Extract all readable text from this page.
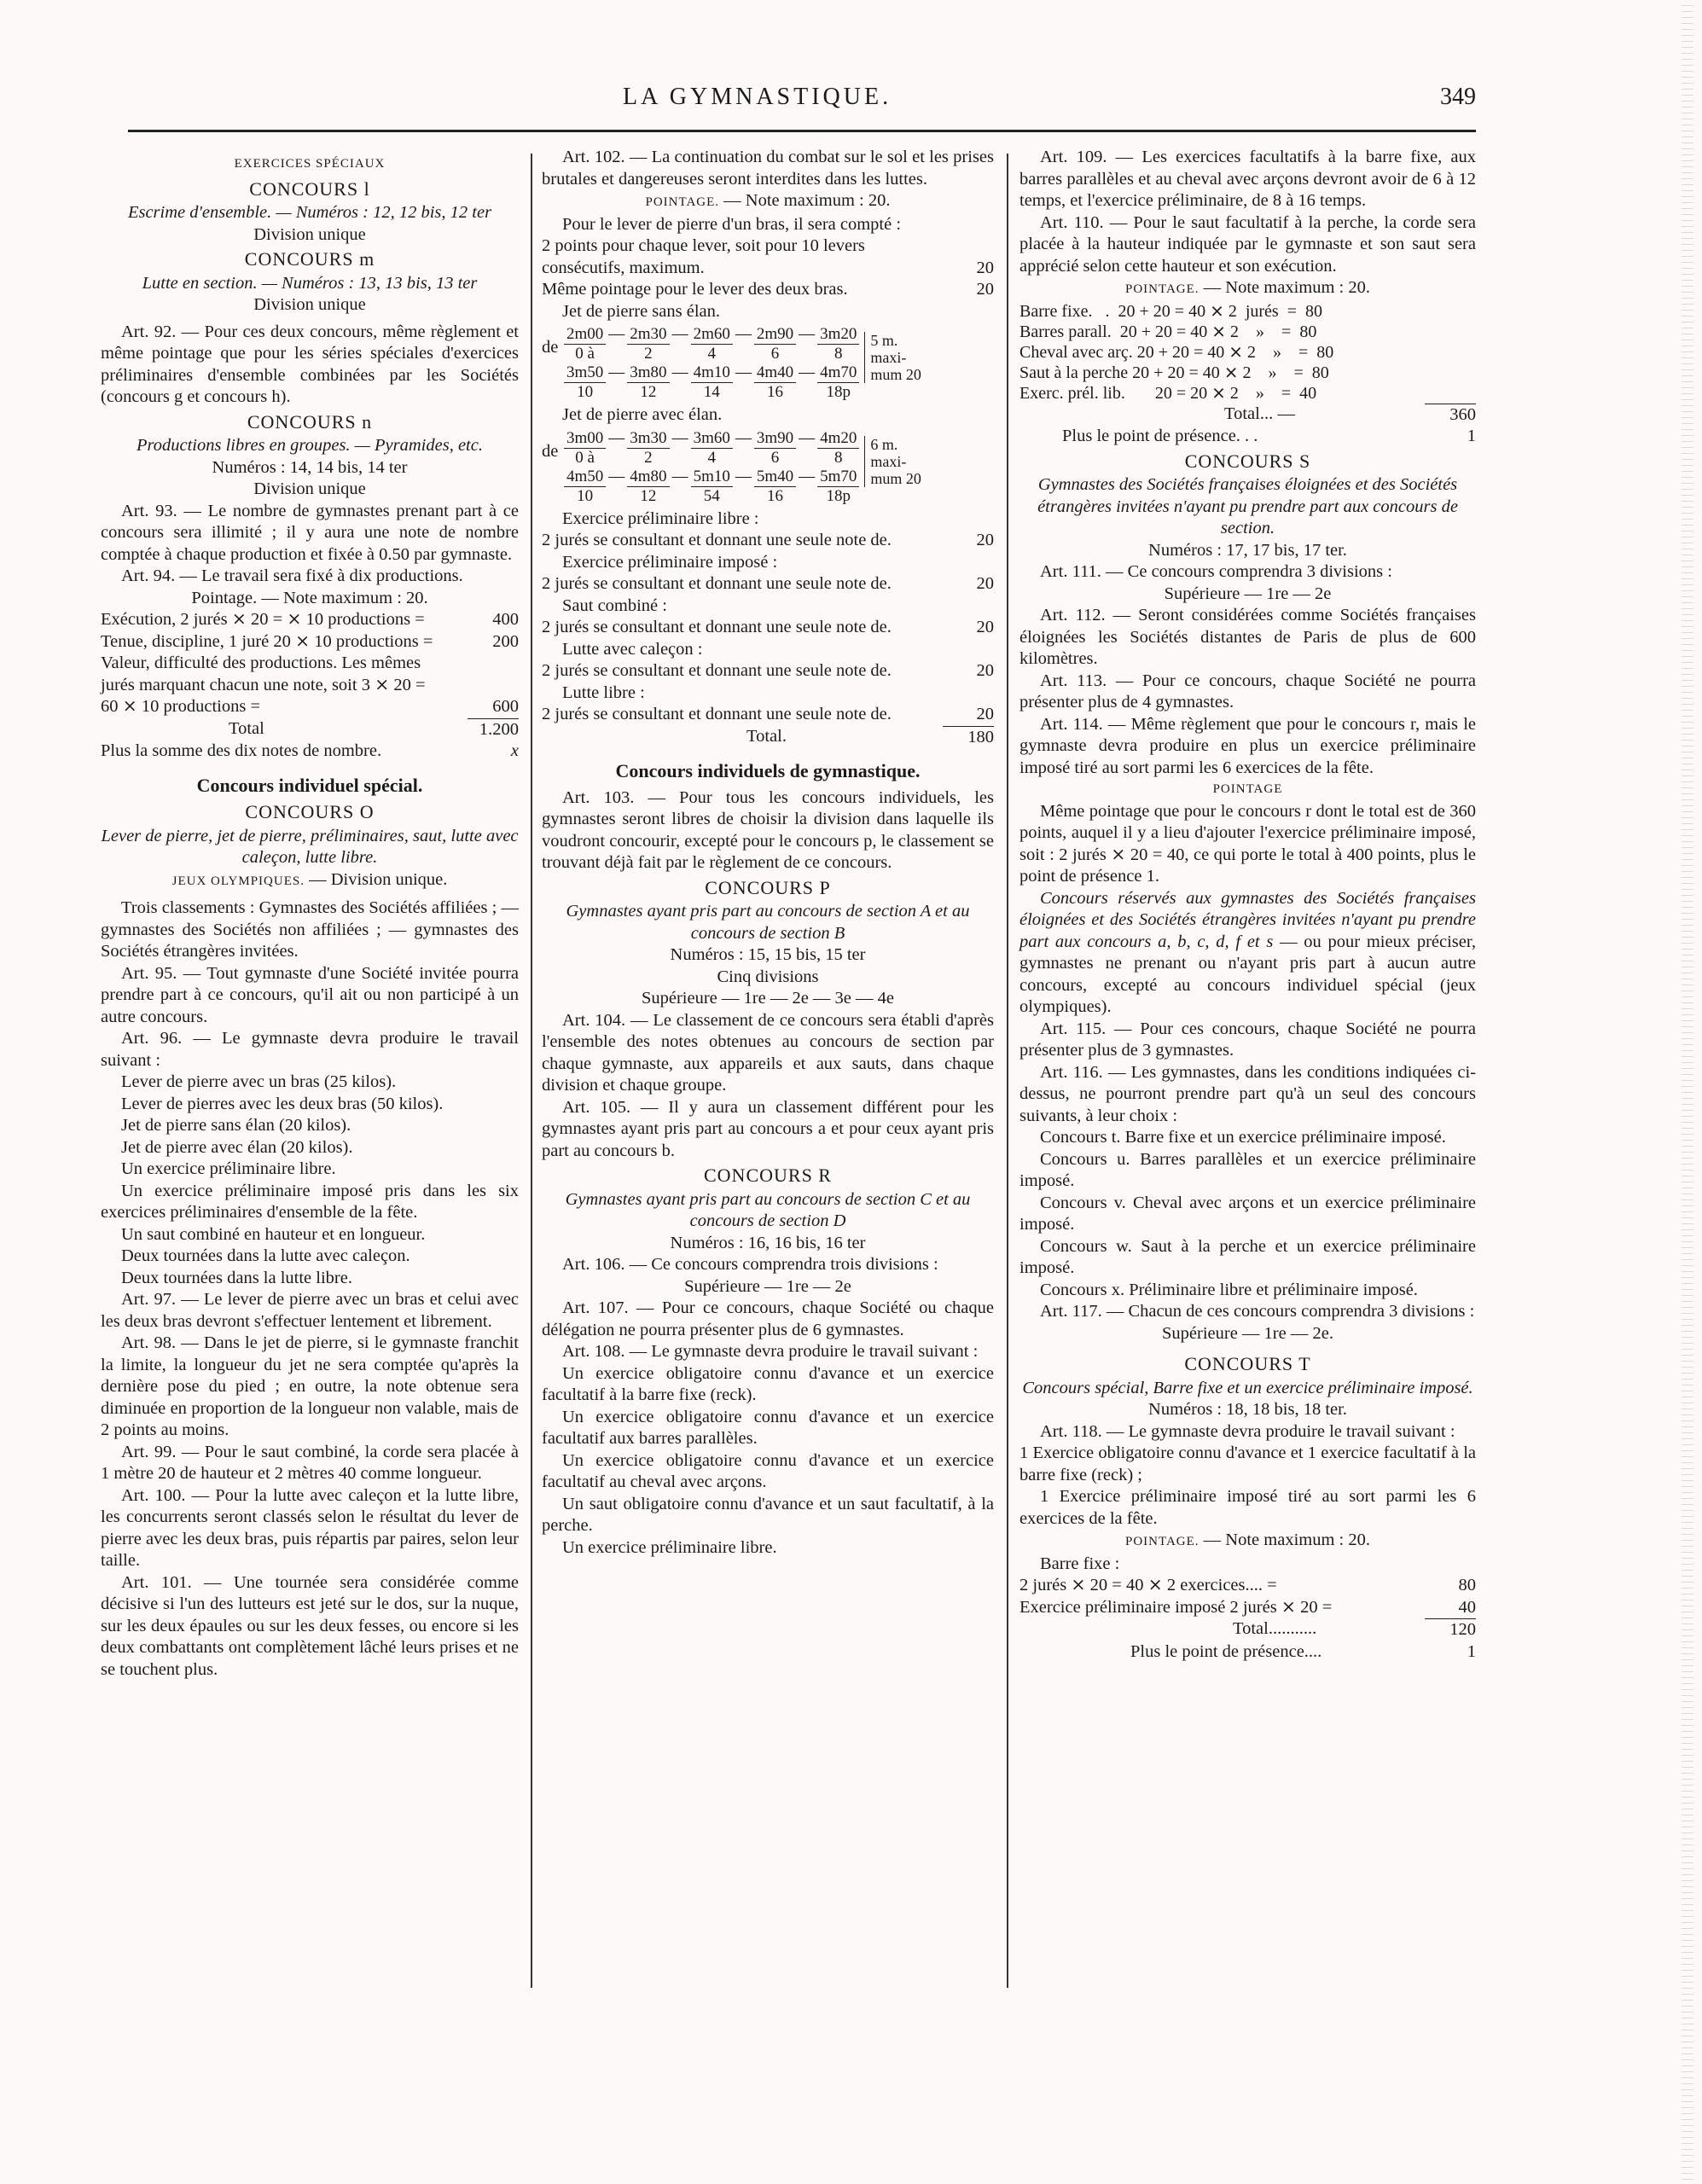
LA GYMNASTIQUE.	349
EXERCICES SPÉCIAUX
CONCOURS l
Escrime d'ensemble. — Numéros : 12, 12 bis, 12 ter
Division unique
CONCOURS m
Lutte en section. — Numéros : 13, 13 bis, 13 ter
Division unique

Art. 92. — Pour ces deux concours, même règlement et même pointage que pour les séries spéciales d'exercices préliminaires d'ensemble combinées par les Sociétés (concours g et concours h).

CONCOURS n
Productions libres en groupes. — Pyramides, etc.
Numéros : 14, 14 bis, 14 ter
Division unique

Art. 93. — Le nombre de gymnastes prenant part à ce concours sera illimité ; il y aura une note de nombre comptée à chaque production et fixée à 0.50 par gymnaste.

Art. 94. — Le travail sera fixé à dix productions.

Pointage. — Note maximum : 20.
Exécution, 2 jurés ⨯ 20 = ⨯ 10 productions =	400
Tenue, discipline, 1 juré 20 ⨯ 10 productions =	200
Valeur, difficulté des productions. Les mêmes jurés marquant chacun une note, soit 3 ⨯ 20 = 60 ⨯ 10 productions =	600
Total	1.200
Plus la somme des dix notes de nombre.	x
Concours individuel spécial.
CONCOURS O
Lever de pierre, jet de pierre, préliminaires, saut, lutte avec caleçon, lutte libre.
JEUX OLYMPIQUES. — Division unique.

Trois classements : Gymnastes des Sociétés affiliées ; — gymnastes des Sociétés non affiliées ; — gymnastes des Sociétés étrangères invitées.

Art. 95. — Tout gymnaste d'une Société invitée pourra prendre part à ce concours, qu'il ait ou non participé à un autre concours.

Art. 96. — Le gymnaste devra produire le travail suivant :

Lever de pierre avec un bras (25 kilos).
Lever de pierres avec les deux bras (50 kilos).
Jet de pierre sans élan (20 kilos).
Jet de pierre avec élan (20 kilos).
Un exercice préliminaire libre.

Un exercice préliminaire imposé pris dans les six exercices préliminaires d'ensemble de la fête.

Un saut combiné en hauteur et en longueur.
Deux tournées dans la lutte avec caleçon.
Deux tournées dans la lutte libre.

Art. 97. — Le lever de pierre avec un bras et celui avec les deux bras devront s'effectuer lentement et librement.

Art. 98. — Dans le jet de pierre, si le gymnaste franchit la limite, la longueur du jet ne sera comptée qu'après la dernière pose du pied ; en outre, la note obtenue sera diminuée en proportion de la longueur non valable, mais de 2 points au moins.

Art. 99. — Pour le saut combiné, la corde sera placée à 1 mètre 20 de hauteur et 2 mètres 40 comme longueur.

Art. 100. — Pour la lutte avec caleçon et la lutte libre, les concurrents seront classés selon le résultat du lever de pierre avec les deux bras, puis répartis par paires, selon leur taille.

Art. 101. — Une tournée sera considérée comme décisive si l'un des lutteurs est jeté sur le dos, sur la nuque, sur les deux épaules ou sur les deux fesses, ou encore si les deux combattants ont complètement lâché leurs prises et ne se touchent plus.

Art. 102. — La continuation du combat sur le sol et les prises brutales et dangereuses seront interdites dans les luttes.

POINTAGE. — Note maximum : 20.

Pour le lever de pierre d'un bras, il sera compté :

2 points pour chaque lever, soit pour 10 levers consécutifs, maximum.	20
Même pointage pour le lever des deux bras.	20
Jet de pierre sans élan.
de
2m00	—	2m30	—	2m60	—	2m90	—	3m20
0 à		2		4		6		8
3m50	—	3m80	—	4m10	—	4m40	—	4m70
10		12		14		16		18p
5 m.
maxi-
mum 20
Jet de pierre avec élan.
de
3m00	—	3m30	—	3m60	—	3m90	—	4m20
0 à		2		4		6		8
4m50	—	4m80	—	5m10	—	5m40	—	5m70
10		12		54		16		18p
6 m.
maxi-
mum 20
Exercice préliminaire libre :
2 jurés se consultant et donnant une seule note de.	20
Exercice préliminaire imposé :
2 jurés se consultant et donnant une seule note de.	20
Saut combiné :
2 jurés se consultant et donnant une seule note de.	20
Lutte avec caleçon :
2 jurés se consultant et donnant une seule note de.	20
Lutte libre :
2 jurés se consultant et donnant une seule note de.	20
Total.	180
Concours individuels de gymnastique.

Art. 103. — Pour tous les concours individuels, les gymnastes seront libres de choisir la division dans laquelle ils voudront concourir, excepté pour le concours p, le classement se trouvant déjà fait par le règlement de ce concours.

CONCOURS P
Gymnastes ayant pris part au concours de section A et au concours de section B
Numéros : 15, 15 bis, 15 ter
Cinq divisions
Supérieure — 1re — 2e — 3e — 4e

Art. 104. — Le classement de ce concours sera établi d'après l'ensemble des notes obtenues au concours de section par chaque gymnaste, aux appareils et aux sauts, dans chaque division et chaque groupe.

Art. 105. — Il y aura un classement différent pour les gymnastes ayant pris part au concours a et pour ceux ayant pris part au concours b.

CONCOURS R
Gymnastes ayant pris part au concours de section C et au concours de section D
Numéros : 16, 16 bis, 16 ter

Art. 106. — Ce concours comprendra trois divisions :

Supérieure — 1re — 2e

Art. 107. — Pour ce concours, chaque Société ou chaque délégation ne pourra présenter plus de 6 gymnastes.

Art. 108. — Le gymnaste devra produire le travail suivant :

Un exercice obligatoire connu d'avance et un exercice facultatif à la barre fixe (reck).

Un exercice obligatoire connu d'avance et un exercice facultatif aux barres parallèles.

Un exercice obligatoire connu d'avance et un exercice facultatif au cheval avec arçons.

Un saut obligatoire connu d'avance et un saut facultatif, à la perche.

Un exercice préliminaire libre.

Art. 109. — Les exercices facultatifs à la barre fixe, aux barres parallèles et au cheval avec arçons devront avoir de 6 à 12 temps, et l'exercice préliminaire, de 8 à 16 temps.

Art. 110. — Pour le saut facultatif à la perche, la corde sera placée à la hauteur indiquée par le gymnaste et son saut sera apprécié selon cette hauteur et son exécution.

POINTAGE. — Note maximum : 20.
Barre fixe.   .  20 + 20 = 40 ⨯ 2  jurés  =  80
Barres parall.  20 + 20 = 40 ⨯ 2    »    =  80
Cheval avec arç. 20 + 20 = 40 ⨯ 2    »    =  80
Saut à la perche 20 + 20 = 40 ⨯ 2    »    =  80
Exerc. prél. lib.       20 = 20 ⨯ 2    »    =  40
Total... —	360
Plus le point de présence. . .	1
CONCOURS S
Gymnastes des Sociétés françaises éloignées et des Sociétés étrangères invitées n'ayant pu prendre part aux concours de section.
Numéros : 17, 17 bis, 17 ter.

Art. 111. — Ce concours comprendra 3 divisions :

Supérieure — 1re — 2e

Art. 112. — Seront considérées comme Sociétés françaises éloignées les Sociétés distantes de Paris de plus de 600 kilomètres.

Art. 113. — Pour ce concours, chaque Société ne pourra présenter plus de 4 gymnastes.

Art. 114. — Même règlement que pour le concours r, mais le gymnaste devra produire en plus un exercice préliminaire imposé tiré au sort parmi les 6 exercices de la fête.

POINTAGE

Même pointage que pour le concours r dont le total est de 360 points, auquel il y a lieu d'ajouter l'exercice préliminaire imposé, soit : 2 jurés ⨯ 20 = 40, ce qui porte le total à 400 points, plus le point de présence 1.

Concours réservés aux gymnastes des Sociétés françaises éloignées et des Sociétés étrangères invitées n'ayant pu prendre part aux concours a, b, c, d, f et s — ou pour mieux préciser, gymnastes ne prenant ou n'ayant pris part à aucun autre concours, excepté au concours individuel spécial (jeux olympiques).

Art. 115. — Pour ces concours, chaque Société ne pourra présenter plus de 3 gymnastes.

Art. 116. — Les gymnastes, dans les conditions indiquées ci-dessus, ne pourront prendre part qu'à un seul des concours suivants, à leur choix :

Concours t. Barre fixe et un exercice préliminaire imposé.

Concours u. Barres parallèles et un exercice préliminaire imposé.

Concours v. Cheval avec arçons et un exercice préliminaire imposé.

Concours w. Saut à la perche et un exercice préliminaire imposé.

Concours x. Préliminaire libre et préliminaire imposé.

Art. 117. — Chacun de ces concours comprendra 3 divisions :

Supérieure — 1re — 2e.
CONCOURS T
Concours spécial, Barre fixe et un exercice préliminaire imposé.
Numéros : 18, 18 bis, 18 ter.

Art. 118. — Le gymnaste devra produire le travail suivant :

1 Exercice obligatoire connu d'avance et 1 exercice facultatif à la barre fixe (reck) ;

1 Exercice préliminaire imposé tiré au sort parmi les 6 exercices de la fête.

POINTAGE. — Note maximum : 20.
Barre fixe :
2 jurés ⨯ 20 = 40 ⨯ 2 exercices.... =	80
Exercice préliminaire imposé 2 jurés ⨯ 20 =	40
Total...........	120
Plus le point de présence....	1
